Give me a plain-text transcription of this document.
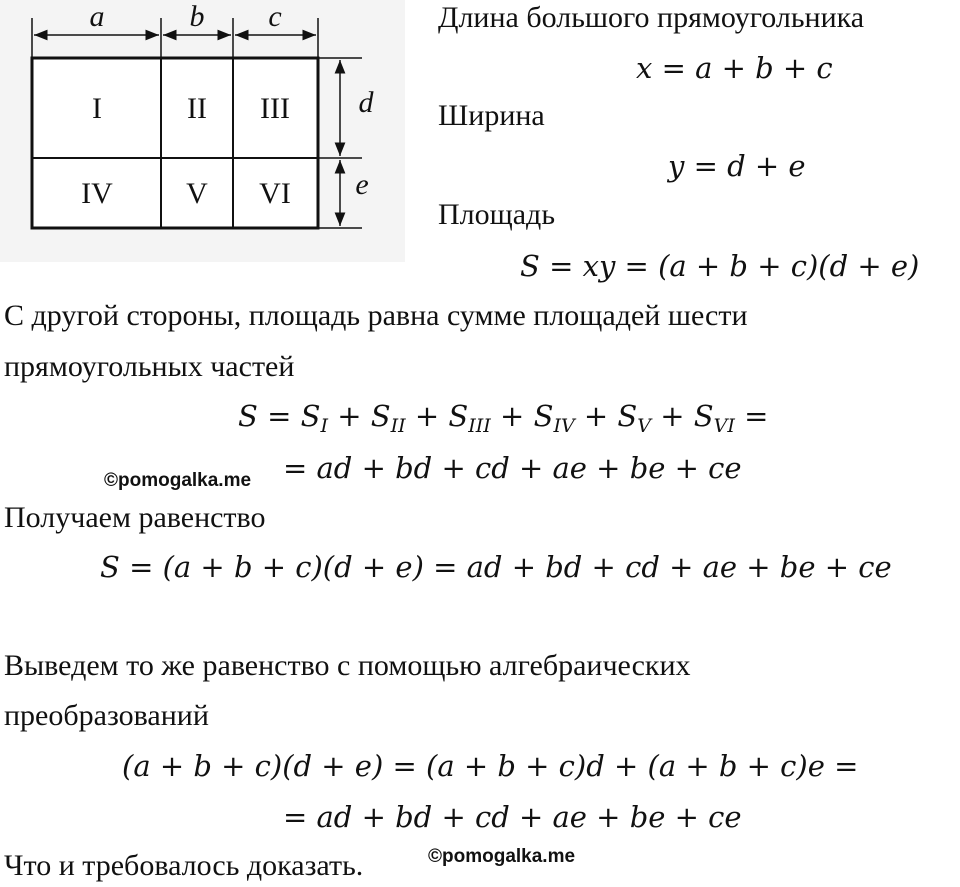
a	b c
d
e
I	II III
IV V VI
Длина большого прямоугольника
x = a + b + c
Ширина
y = d + e
Площадь
S = xy = (a + b + c)(d + e)
С другой стороны, площадь равна сумме площадей шести
прямоугольных частей
$S = S_I + S_{II} + S_{III} + S_{IV} + S_V + S_{VI}$ =
©pomogalka.me = ad + bd + cd + ae + be + ce
Получаем равенство
S = (a + b + c)(d + e) = ad + bd + cd + ae + be + ce
Выведем то же равенство с помощью алгебраических
преобразований
(a + b + c)(d + e) = (a + b + c)d + (a + b + c)e =
= ad + bd + cd + ae + be + ce
Что и требовалось доказать.	©pomogalka.me
